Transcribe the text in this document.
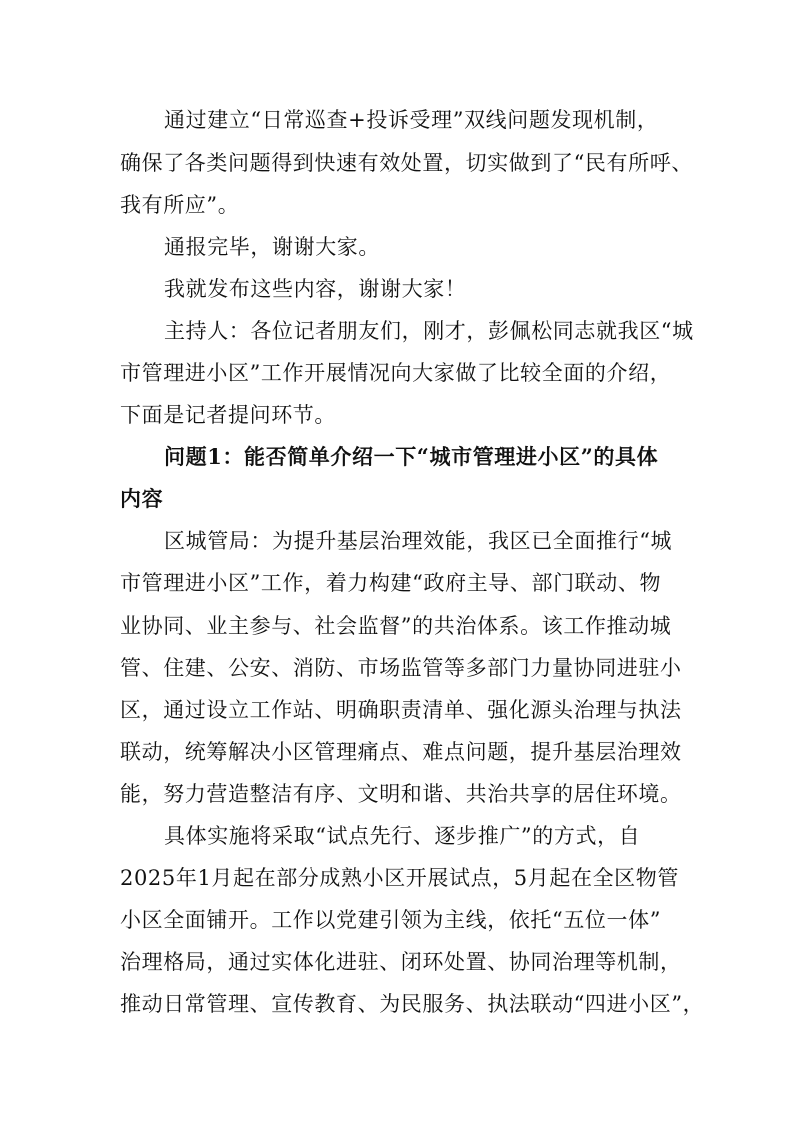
通过建立“日常巡查+投诉受理”双线问题发现机制，
确保了各类问题得到快速有效处置，切实做到了“民有所呼、
我有所应”。
通报完毕，谢谢大家。
我就发布这些内容，谢谢大家！
主持人：各位记者朋友们，刚才，彭佩松同志就我区“城
市管理进小区”工作开展情况向大家做了比较全面的介绍，
下面是记者提问环节。
问题1：能否简单介绍一下“城市管理进小区”的具体
内容
区城管局：为提升基层治理效能，我区已全面推行“城
市管理进小区”工作，着力构建“政府主导、部门联动、物
业协同、业主参与、社会监督”的共治体系。该工作推动城
管、住建、公安、消防、市场监管等多部门力量协同进驻小
区，通过设立工作站、明确职责清单、强化源头治理与执法
联动，统筹解决小区管理痛点、难点问题，提升基层治理效
能，努力营造整洁有序、文明和谐、共治共享的居住环境。
具体实施将采取“试点先行、逐步推广”的方式，自
2025年1月起在部分成熟小区开展试点，5月起在全区物管
小区全面铺开。工作以党建引领为主线，依托“五位一体”
治理格局，通过实体化进驻、闭环处置、协同治理等机制，
推动日常管理、宣传教育、为民服务、执法联动“四进小区”，
